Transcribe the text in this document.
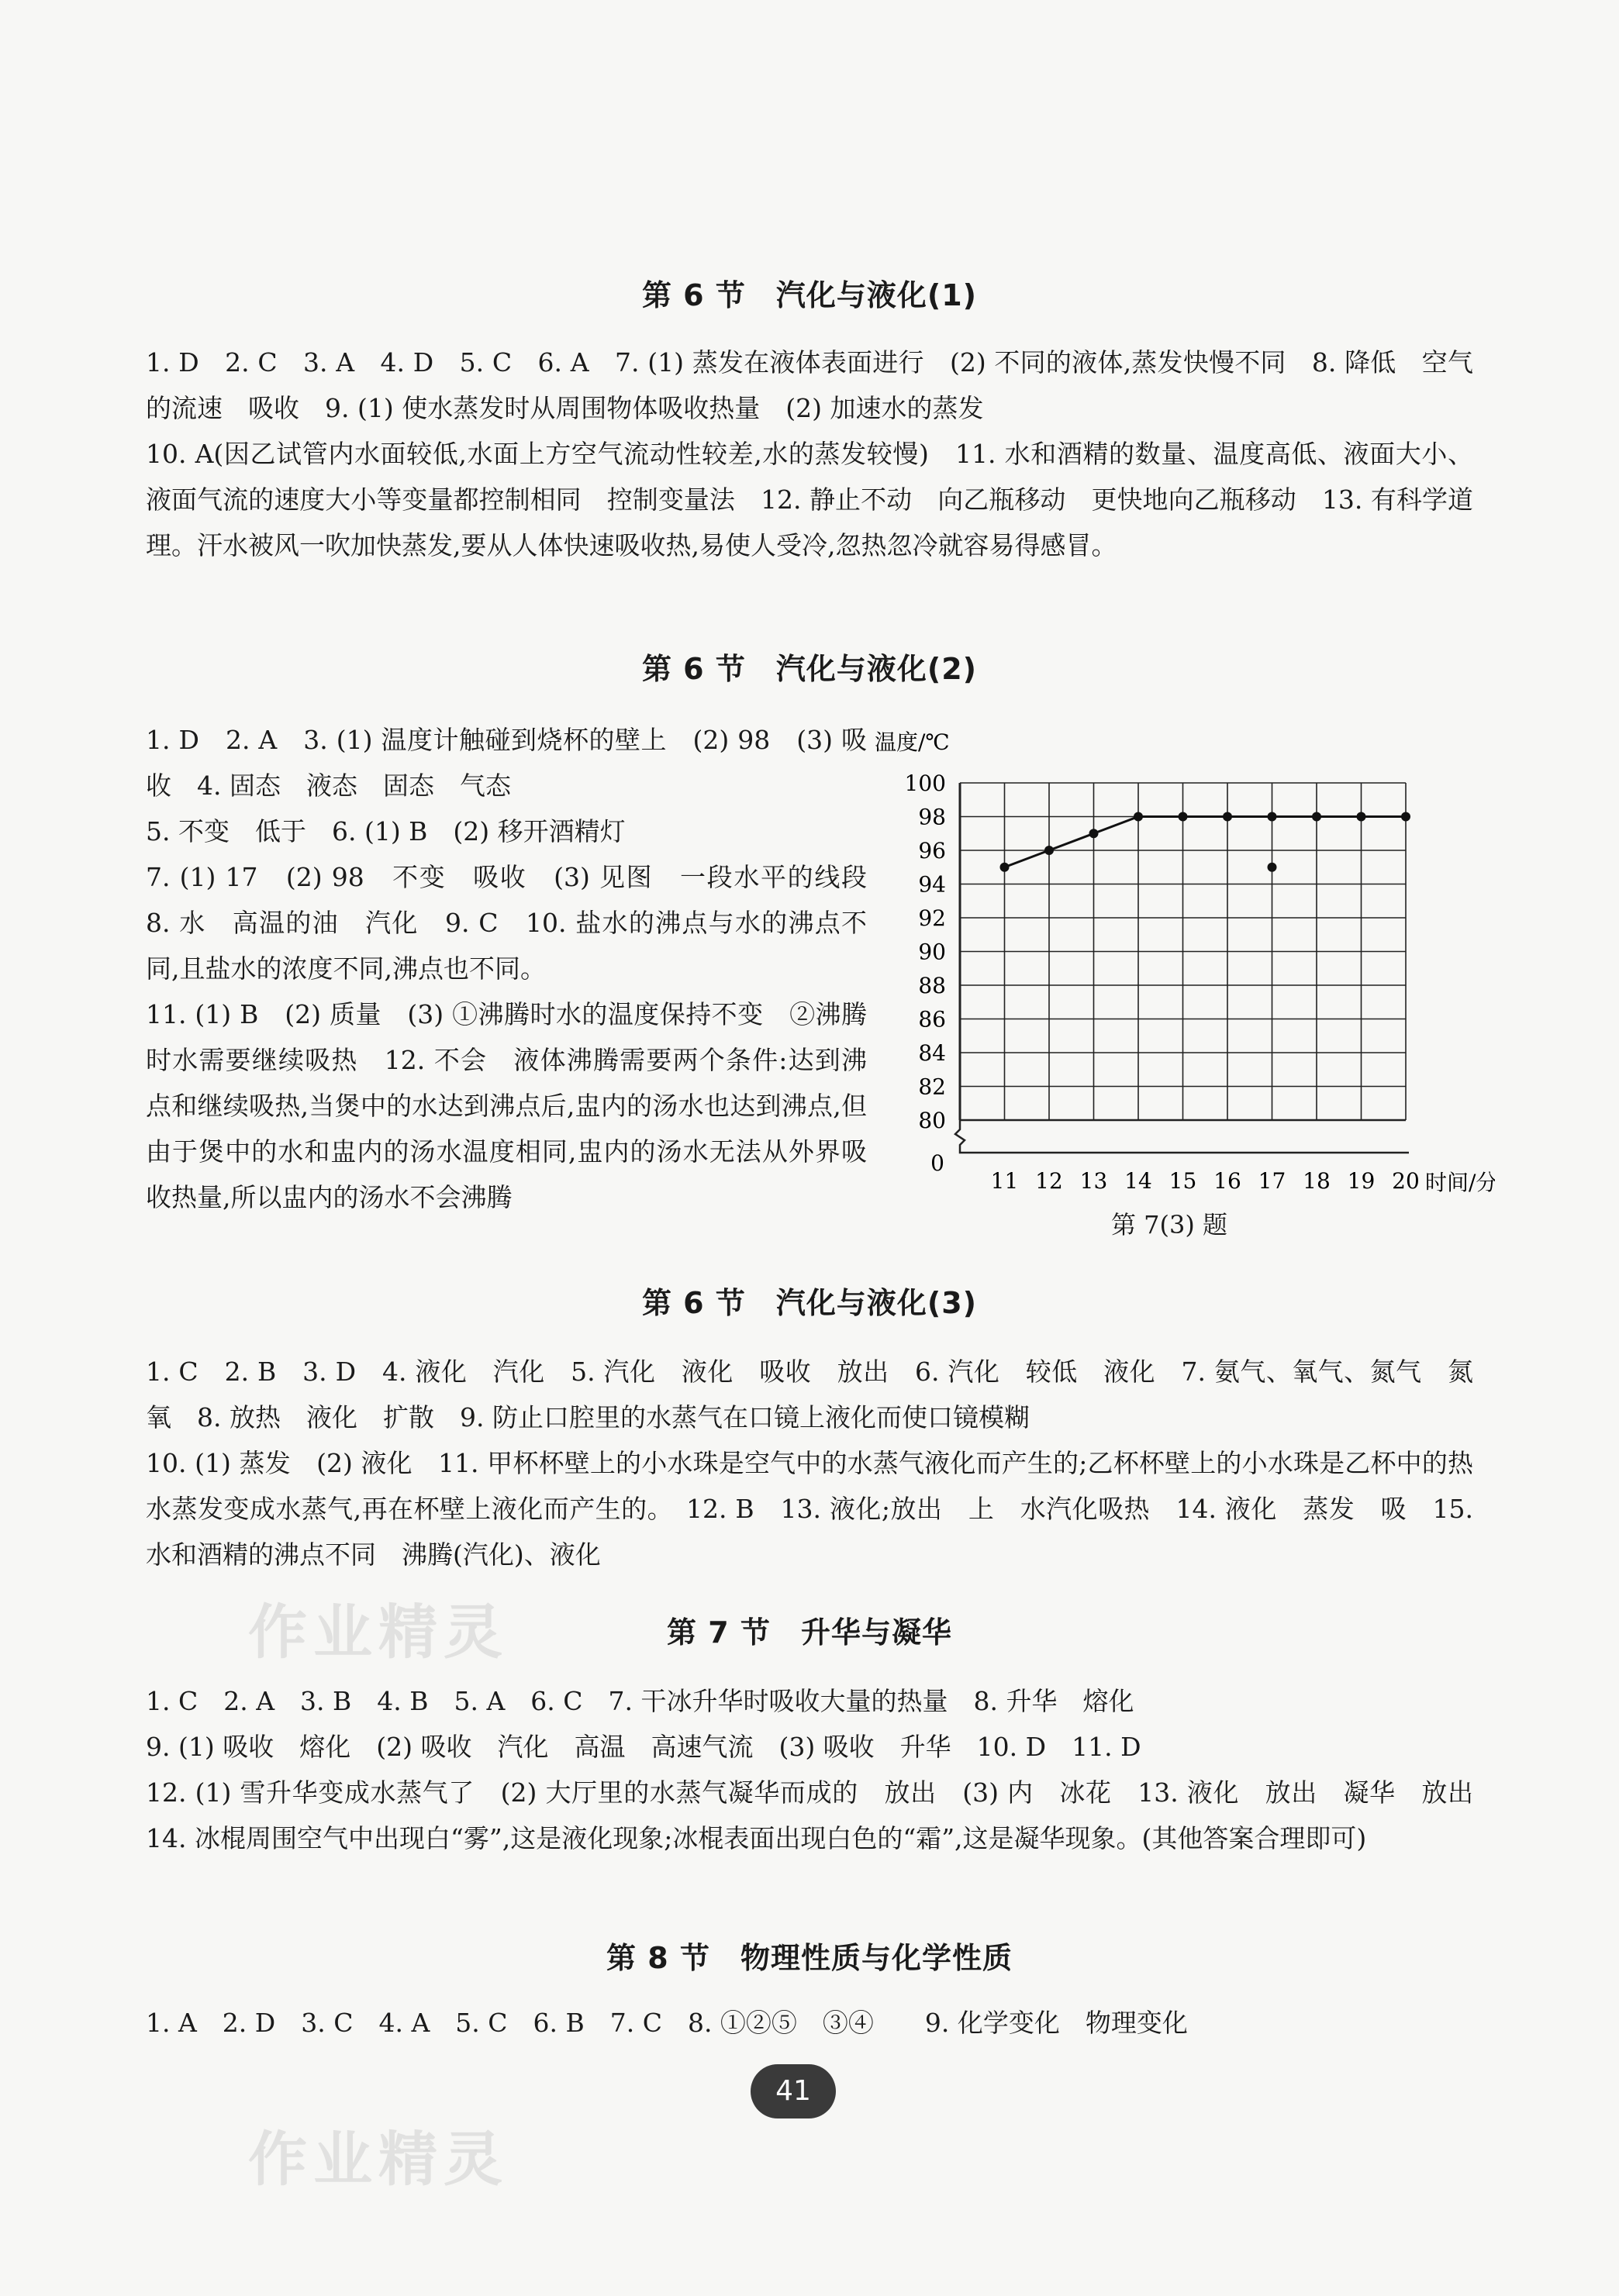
第 6 节　汽化与液化(1)

1. D　2. C　3. A　4. D　5. C　6. A　7. (1) 蒸发在液体表面进行　(2) 不同的液体,蒸发快慢不同　8. 降低　空气的流速　吸收　9. (1) 使水蒸发时从周围物体吸收热量　(2) 加速水的蒸发

10. A(因乙试管内水面较低,水面上方空气流动性较差,水的蒸发较慢)　11. 水和酒精的数量、温度高低、液面大小、液面气流的速度大小等变量都控制相同　控制变量法　12. 静止不动　向乙瓶移动　更快地向乙瓶移动　13. 有科学道理。汗水被风一吹加快蒸发,要从人体快速吸收热,易使人受冷,忽热忽冷就容易得感冒。

第 6 节　汽化与液化(2)

1. D　2. A　3. (1) 温度计触碰到烧杯的壁上　(2) 98　(3) 吸收　4. 固态　液态　固态　气态

5. 不变　低于　6. (1) B　(2) 移开酒精灯

7. (1) 17　(2) 98　不变　吸收　(3) 见图　一段水平的线段　8. 水　高温的油　汽化　9. C　10. 盐水的沸点与水的沸点不同,且盐水的浓度不同,沸点也不同。

11. (1) B　(2) 质量　(3) ①沸腾时水的温度保持不变　②沸腾时水需要继续吸热　12. 不会　液体沸腾需要两个条件:达到沸点和继续吸热,当煲中的水达到沸点后,盅内的汤水也达到沸点,但由于煲中的水和盅内的汤水温度相同,盅内的汤水无法从外界吸收热量,所以盅内的汤水不会沸腾

温度/℃
时间/分
0
80
82
84
86
88
90
92
94
96
98
100
11 12 13 14 15 16 17 18 19 20
第 7(3) 题
第 6 节　汽化与液化(3)

1. C　2. B　3. D　4. 液化　汽化　5. 汽化　液化　吸收　放出　6. 汽化　较低　液化　7. 氨气、氧气、氮气　氮　氧　8. 放热　液化　扩散　9. 防止口腔里的水蒸气在口镜上液化而使口镜模糊

10. (1) 蒸发　(2) 液化　11. 甲杯杯壁上的小水珠是空气中的水蒸气液化而产生的;乙杯杯壁上的小水珠是乙杯中的热水蒸发变成水蒸气,再在杯壁上液化而产生的。　12. B　13. 液化;放出　上　水汽化吸热　14. 液化　蒸发　吸　15. 水和酒精的沸点不同　沸腾(汽化)、液化

第 7 节　升华与凝华

1. C　2. A　3. B　4. B　5. A　6. C　7. 干冰升华时吸收大量的热量　8. 升华　熔化

9. (1) 吸收　熔化　(2) 吸收　汽化　高温　高速气流　(3) 吸收　升华　10. D　11. D

12. (1) 雪升华变成水蒸气了　(2) 大厅里的水蒸气凝华而成的　放出　(3) 内　冰花　13. 液化　放出　凝华　放出　14. 冰棍周围空气中出现白“雾”,这是液化现象;冰棍表面出现白色的“霜”,这是凝华现象。(其他答案合理即可)

第 8 节　物理性质与化学性质

1. A　2. D　3. C　4. A　5. C　6. B　7. C　8. ①②⑤　③④　　9. 化学变化　物理变化

作业精灵
作业精灵
41
